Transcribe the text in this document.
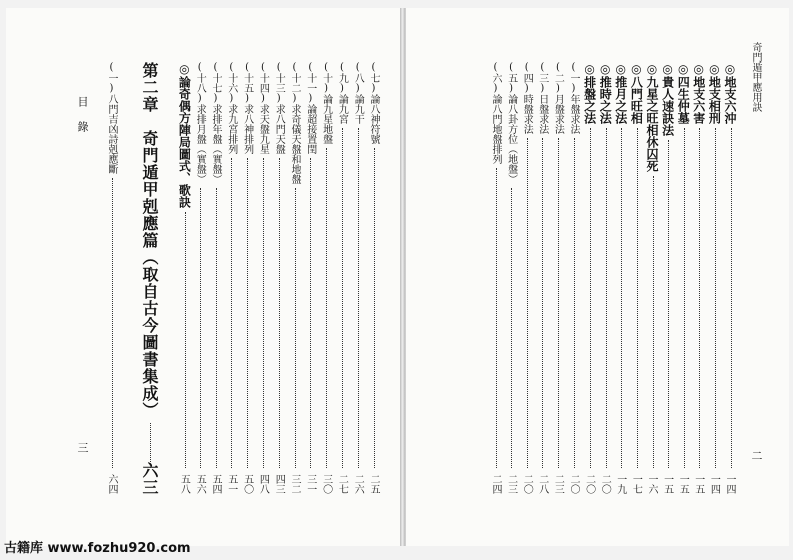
奇門遁甲應用訣
二
目錄
三
◎地支六沖
一四
◎地支相刑
一四
◎地支六害
一五
◎四生仲墓
一五
◎貴人速訣法
一五
◎九星之旺相休囚死
一六
◎八門旺相
一七
◎推月之法
一九
◎推時之法
二〇
◎排盤之法
二〇
(一)年盤求法
二〇
(二)月盤求法
二三
(三)日盤求法
二八
(四)時盤求法
二〇
(五)論八卦方位（地盤）
二三
(六)論八門地盤排列
二四
(七)論八神符號
二五
(八)論九干
二六
(九)論九宮
二七
(十)論九星地盤
三〇
(十一)論超接置閏
三一
(十二)求奇儀天盤和地盤
三二
(十三)求八門天盤
四三
(十四)求天盤九星
四八
(十五)求八神排列
五〇
(十六)求九宮排列
五一
(十七)求排年盤（實盤）
五四
(十八)求排月盤（實盤）
五六
◎論奇偶方陣局圖式、歌訣
五八
第二章　奇門遁甲剋應篇（取自古今圖書集成）
六三
(一)八門吉凶詩剋應斷
六四
古籍库 www.fozhu920.com
